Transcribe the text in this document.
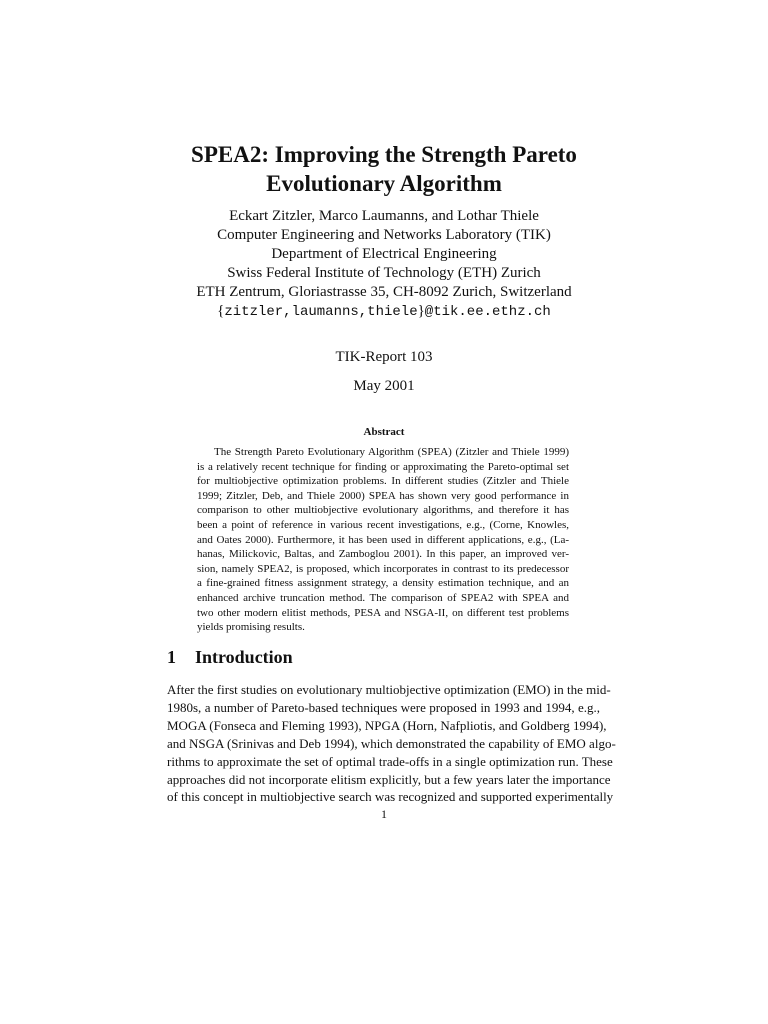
SPEA2: Improving the Strength Pareto
Evolutionary Algorithm
Eckart Zitzler, Marco Laumanns, and Lothar Thiele
Computer Engineering and Networks Laboratory (TIK)
Department of Electrical Engineering
Swiss Federal Institute of Technology (ETH) Zurich
ETH Zentrum, Gloriastrasse 35, CH-8092 Zurich, Switzerland
{zitzler,laumanns,thiele}@tik.ee.ethz.ch
TIK-Report 103
May 2001
Abstract
The Strength Pareto Evolutionary Algorithm (SPEA) (Zitzler and Thiele 1999)
is a relatively recent technique for finding or approximating the Pareto-optimal set
for multiobjective optimization problems. In different studies (Zitzler and Thiele
1999; Zitzler, Deb, and Thiele 2000) SPEA has shown very good performance in
comparison to other multiobjective evolutionary algorithms, and therefore it has
been a point of reference in various recent investigations, e.g., (Corne, Knowles,
and Oates 2000). Furthermore, it has been used in different applications, e.g., (La-
hanas, Milickovic, Baltas, and Zamboglou 2001). In this paper, an improved ver-
sion, namely SPEA2, is proposed, which incorporates in contrast to its predecessor
a fine-grained fitness assignment strategy, a density estimation technique, and an
enhanced archive truncation method. The comparison of SPEA2 with SPEA and
two other modern elitist methods, PESA and NSGA-II, on different test problems
yields promising results.
1 Introduction
After the first studies on evolutionary multiobjective optimization (EMO) in the mid-
1980s, a number of Pareto-based techniques were proposed in 1993 and 1994, e.g.,
MOGA (Fonseca and Fleming 1993), NPGA (Horn, Nafpliotis, and Goldberg 1994),
and NSGA (Srinivas and Deb 1994), which demonstrated the capability of EMO algo-
rithms to approximate the set of optimal trade-offs in a single optimization run. These
approaches did not incorporate elitism explicitly, but a few years later the importance
of this concept in multiobjective search was recognized and supported experimentally
1
